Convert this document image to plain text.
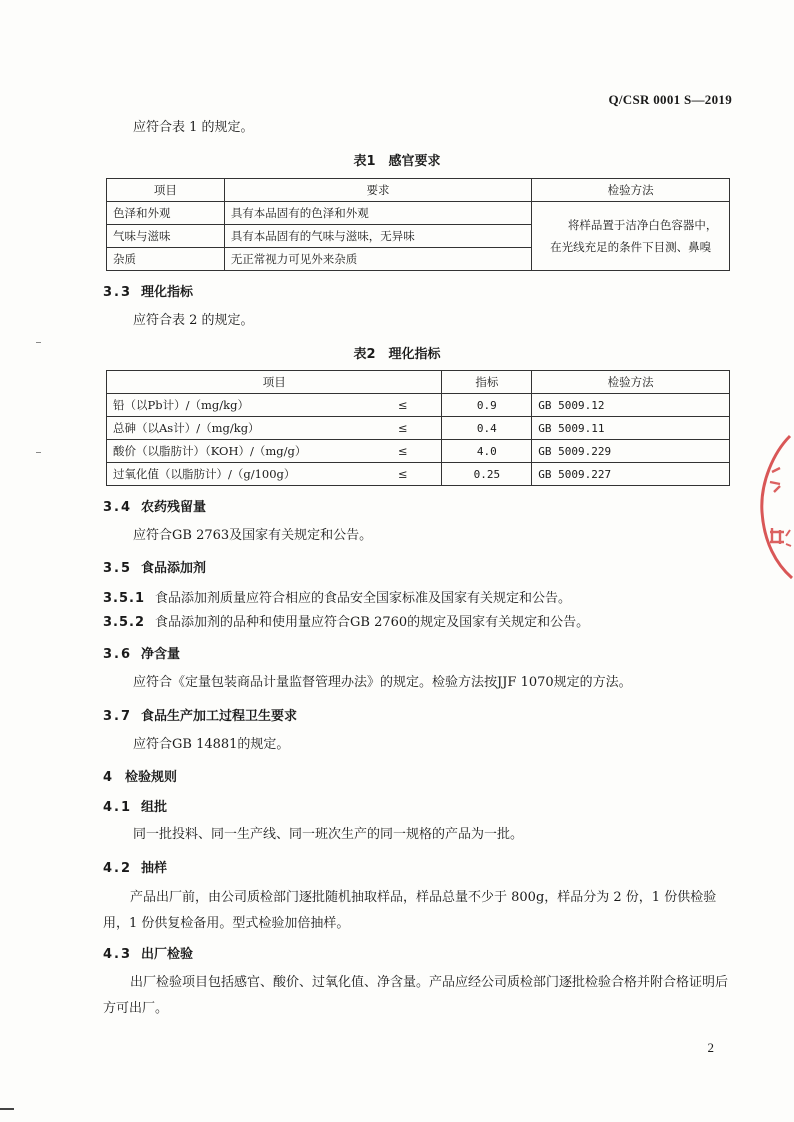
Q/CSR 0001 S—2019
应符合表 1 的规定。
表1　感官要求
项目	要求	检验方法
色泽和外观	具有本品固有的色泽和外观	将样品置于洁净白色容器中，
在光线充足的条件下目测、鼻嗅

气味与滋味	具有本品固有的气味与滋味，无异味	
杂质	无正常视力可见外来杂质	
3.3 理化指标
应符合表 2 的规定。
表2　理化指标
项目		指标	检验方法
铅（以Pb计）/（mg/kg）	≤	0.9	GB 5009.12
总砷（以As计）/（mg/kg）	≤	0.4	GB 5009.11
酸价（以脂肪计）（KOH）/（mg/g）	≤	4.0	GB 5009.229
过氧化值（以脂肪计）/（g/100g）	≤	0.25	GB 5009.227
3.4 农药残留量
应符合GB 2763及国家有关规定和公告。
3.5 食品添加剂
3.5.1 食品添加剂质量应符合相应的食品安全国家标准及国家有关规定和公告。
3.5.2 食品添加剂的品种和使用量应符合GB 2760的规定及国家有关规定和公告。
3.6 净含量
应符合《定量包装商品计量监督管理办法》的规定。检验方法按JJF 1070规定的方法。
3.7 食品生产加工过程卫生要求
应符合GB 14881的规定。
4 检验规则
4.1 组批
同一批投料、同一生产线、同一班次生产的同一规格的产品为一批。
4.2 抽样
产品出厂前，由公司质检部门逐批随机抽取样品，样品总量不少于 800g，样品分为 2 份，1 份供检验用，1 份供复检备用。型式检验加倍抽样。
4.3 出厂检验
出厂检验项目包括感官、酸价、过氧化值、净含量。产品应经公司质检部门逐批检验合格并附合格证明后方可出厂。
2
